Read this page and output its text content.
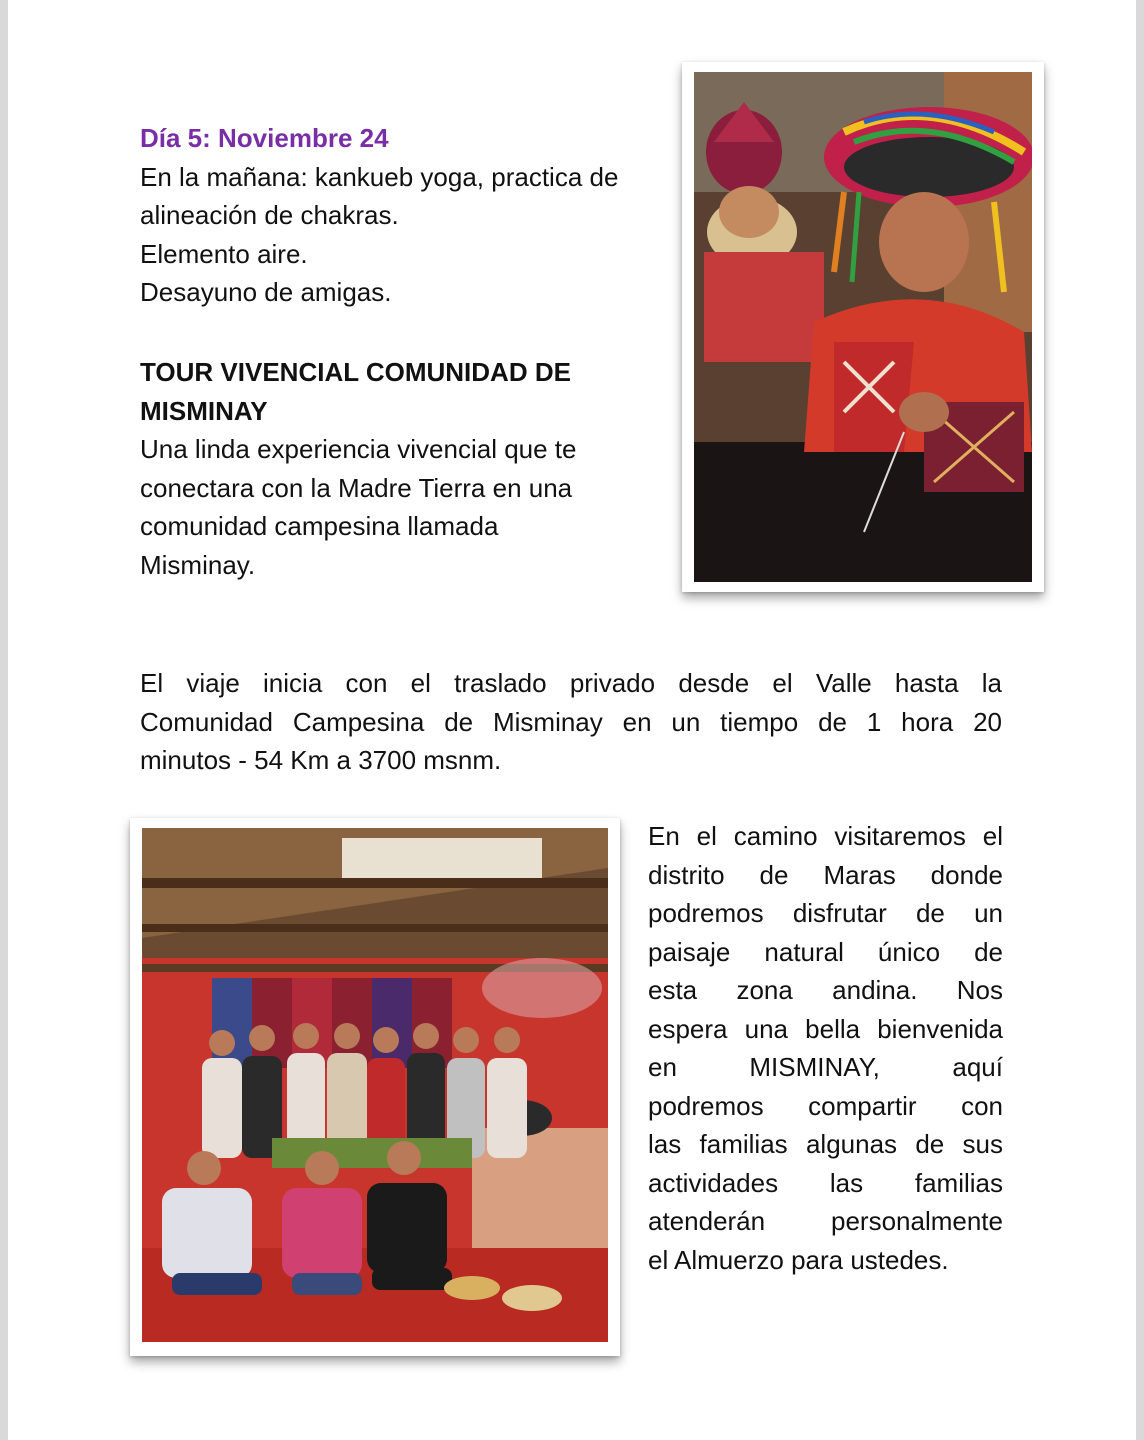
Día 5: Noviembre 24
En la mañana: kankueb yoga, practica de
alineación de chakras.
Elemento aire.
Desayuno de amigas.
TOUR VIVENCIAL COMUNIDAD DE
MISMINAY
Una linda experiencia vivencial que te
conectara con la Madre Tierra en una
comunidad campesina llamada
Misminay.
El viaje inicia con el traslado privado desde el Valle hasta la
Comunidad Campesina de Misminay en un tiempo de 1 hora 20
minutos - 54 Km a 3700 msnm.
En el camino visitaremos el
distrito de Maras donde
podremos disfrutar de un
paisaje natural único de
esta zona andina. Nos
espera una bella bienvenida
en MISMINAY, aquí
podremos compartir con
las familias algunas de sus
actividades las familias
atenderán personalmente
el Almuerzo para ustedes.
